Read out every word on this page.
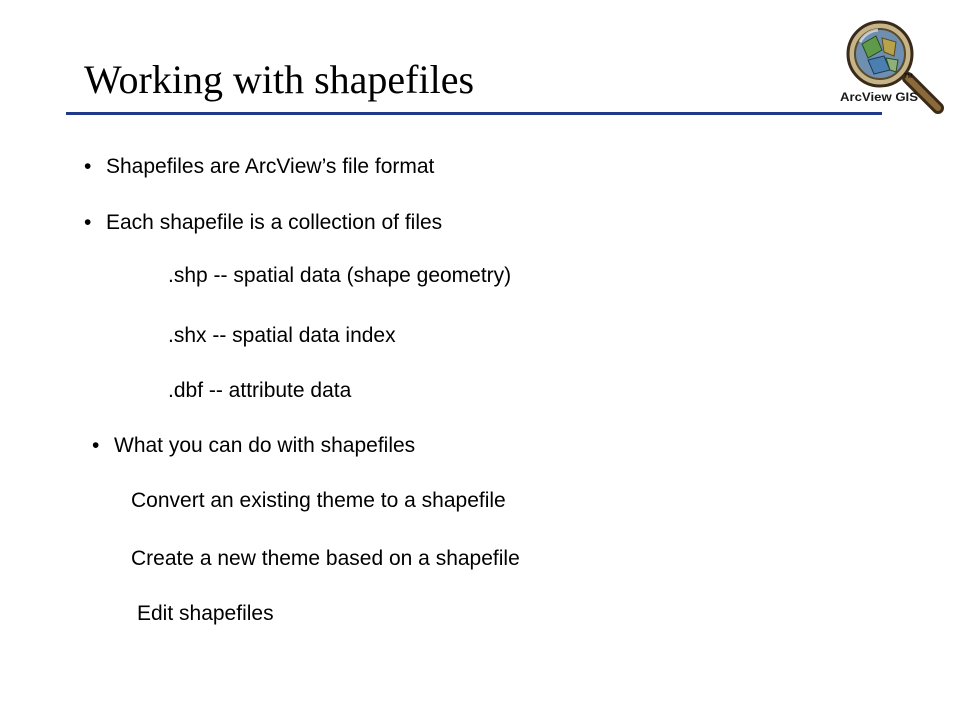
Working with shapefiles	TM
ArcView GIS
• Shapefiles are ArcView’s file format
• Each shapefile is a collection of files
.shp -- spatial data (shape geometry)
.shx -- spatial data index
.dbf -- attribute data
• What you can do with shapefiles
Convert an existing theme to a shapefile
Create a new theme based on a shapefile
Edit shapefiles
